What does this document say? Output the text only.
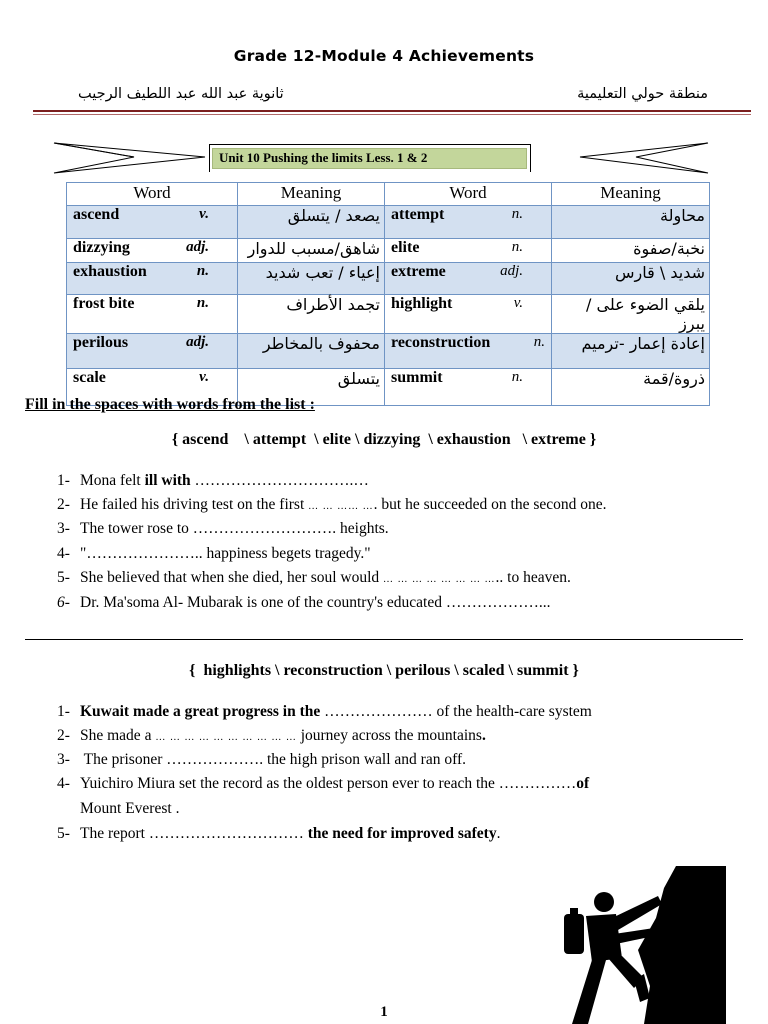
Grade 12-Module 4 Achievements
ثانوية عبد الله عبد اللطيف الرجيب	منطقة حولي التعليمية
Unit 10 Pushing the limits Less. 1 & 2
Word	Meaning	Word	Meaning
ascend v.	يصعد / يتسلق	attempt n.	محاولة
dizzying adj.	شاهق/مسبب للدوار	elite n.	نخبة/صفوة
exhaustion n.	إعياء / تعب شديد	extreme adj.	شديد \ قارس
frost bite n.	تجمد الأطراف	highlight v.	يلقي الضوء على / يبرز
perilous adj.	محفوف بالمخاطر	reconstruction n.	إعادة إعمار -ترميم
scale v.	يتسلق	summit n.	ذروة/قمة
Fill in the spaces with words from the list :
{ ascend    \ attempt  \ elite \ dizzying  \ exhaustion   \ extreme }
1- Mona felt ill with ………………………….…
2- He failed his driving test on the first … … …… …. but he succeeded on the second one.
3- The tower rose to ………………………. heights.
4- "………………….. happiness begets tragedy."
5- She believed that when she died, her soul would … … … … … … … ….. to heaven.
6- Dr. Ma'soma Al- Mubarak is one of the country's educated ………………...
{  highlights \ reconstruction \ perilous \ scaled \ summit }
1- Kuwait made a great progress in the ………………… of the health-care system
2- She made a … … … … … … … … … … journey across the mountains.
3- The prisoner ………………. the high prison wall and ran off.
4- Yuichiro Miura set the record as the oldest person ever to reach the ……………of
Mount Everest .
5- The report ………………………… the need for improved safety.
1
